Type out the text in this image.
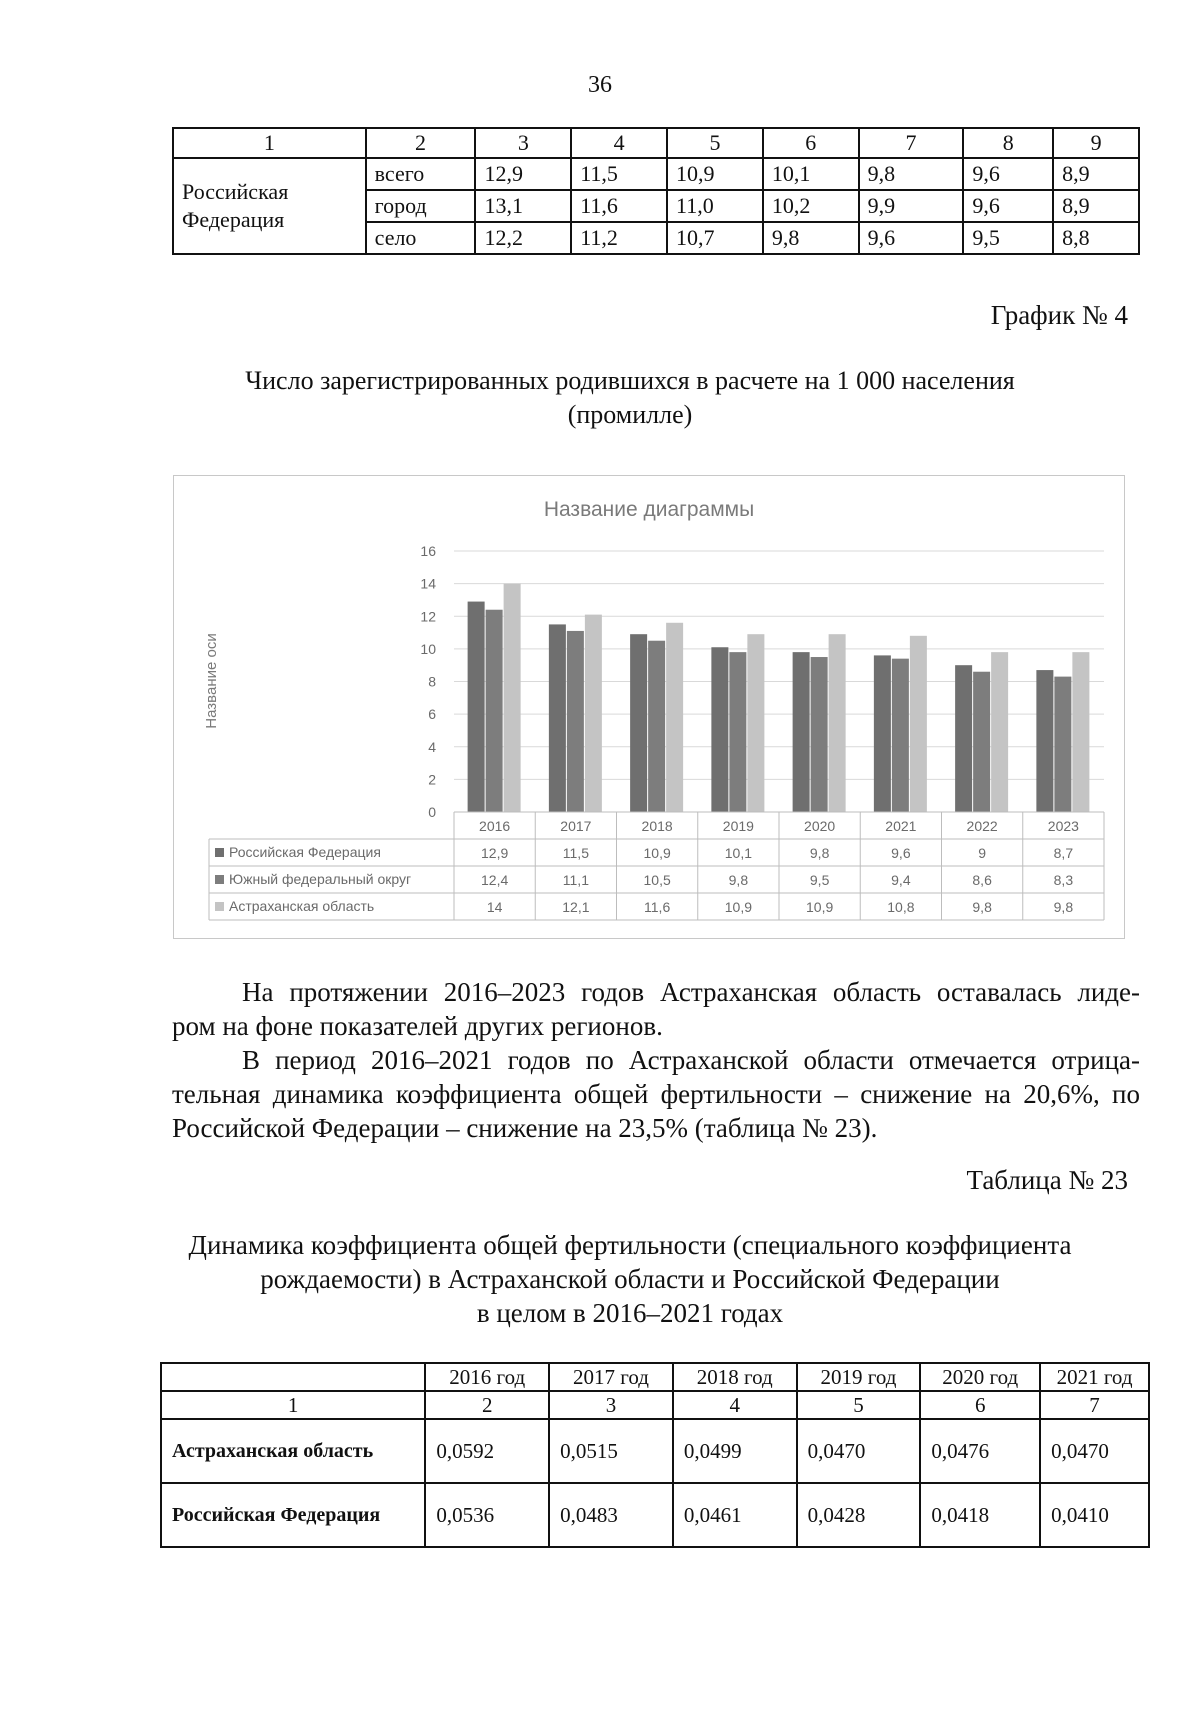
36
1	2	3	4	5	6	7	8	9
Российская Федерация	всего	12,9	11,5	10,9	10,1	9,8	9,6	8,9
	город	13,1	11,6	11,0	10,2	9,9	9,6	8,9
	село	12,2	11,2	10,7	9,8	9,6	9,5	8,8
График № 4
Число зарегистрированных родившихся в расчете на 1 000 населения
(промилле)
Название диаграммы
Название оси
0
2
4
6
8
10
12
14
16
2016	2017	2018	2019	2020	2021	2022	2023
Российская Федерация	12,9	11,5	10,9	10,1	9,8	9,6	9	8,7
Южный федеральный округ	12,4	11,1	10,5	9,8	9,5	9,4	8,6	8,3
Астраханская область	14	12,1	11,6	10,9	10,9	10,8	9,8	9,8
На протяжении 2016–2023 годов Астраханская область оставалась лиде-
ром на фоне показателей других регионов.
В период 2016–2021 годов по Астраханской области отмечается отрица-
тельная динамика коэффициента общей фертильности – снижение на 20,6%, по
Российской Федерации – снижение на 23,5% (таблица № 23).
Таблица № 23
Динамика коэффициента общей фертильности (специального коэффициента
рождаемости) в Астраханской области и Российской Федерации
в целом в 2016–2021 годах
	2016 год	2017 год	2018 год	2019 год	2020 год	2021 год
1	2	3	4	5	6	7
Астраханская область	0,0592	0,0515	0,0499	0,0470	0,0476	0,0470
Российская Федерация	0,0536	0,0483	0,0461	0,0428	0,0418	0,0410
